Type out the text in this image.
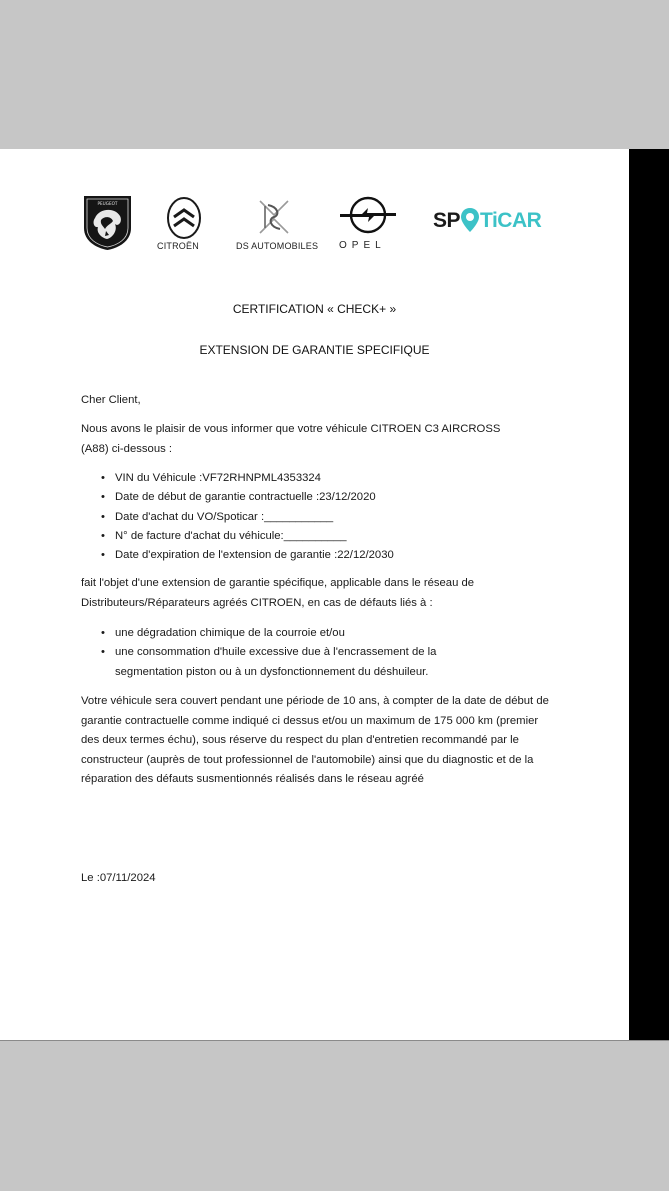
PEUGEOT
CITROËN	DS AUTOMOBILES OPEL
SP TiCAR
CERTIFICATION « CHECK+ »
EXTENSION DE GARANTIE SPECIFIQUE
Cher Client,
Nous avons le plaisir de vous informer que votre véhicule CITROEN C3 AIRCROSS (A88) ci-dessous :
• VIN du Véhicule :VF72RHNPML4353324
• Date de début de garantie contractuelle :23/12/2020
• Date d'achat du VO/Spoticar :___________
• N° de facture d'achat du véhicule:__________
• Date d'expiration de l'extension de garantie :22/12/2030
fait l'objet d'une extension de garantie spécifique, applicable dans le réseau de Distributeurs/Réparateurs agréés CITROEN, en cas de défauts liés à :
• une dégradation chimique de la courroie et/ou
• une consommation d'huile excessive due à l'encrassement de la segmentation piston ou à un dysfonctionnement du déshuileur.
Votre véhicule sera couvert pendant une période de 10 ans, à compter de la date de début de garantie contractuelle comme indiqué ci dessus et/ou un maximum de 175 000 km (premier des deux termes échu), sous réserve du respect du plan d'entretien recommandé par le constructeur (auprès de tout professionnel de l'automobile) ainsi que du diagnostic et de la réparation des défauts susmentionnés réalisés dans le réseau agréé
Le :07/11/2024
